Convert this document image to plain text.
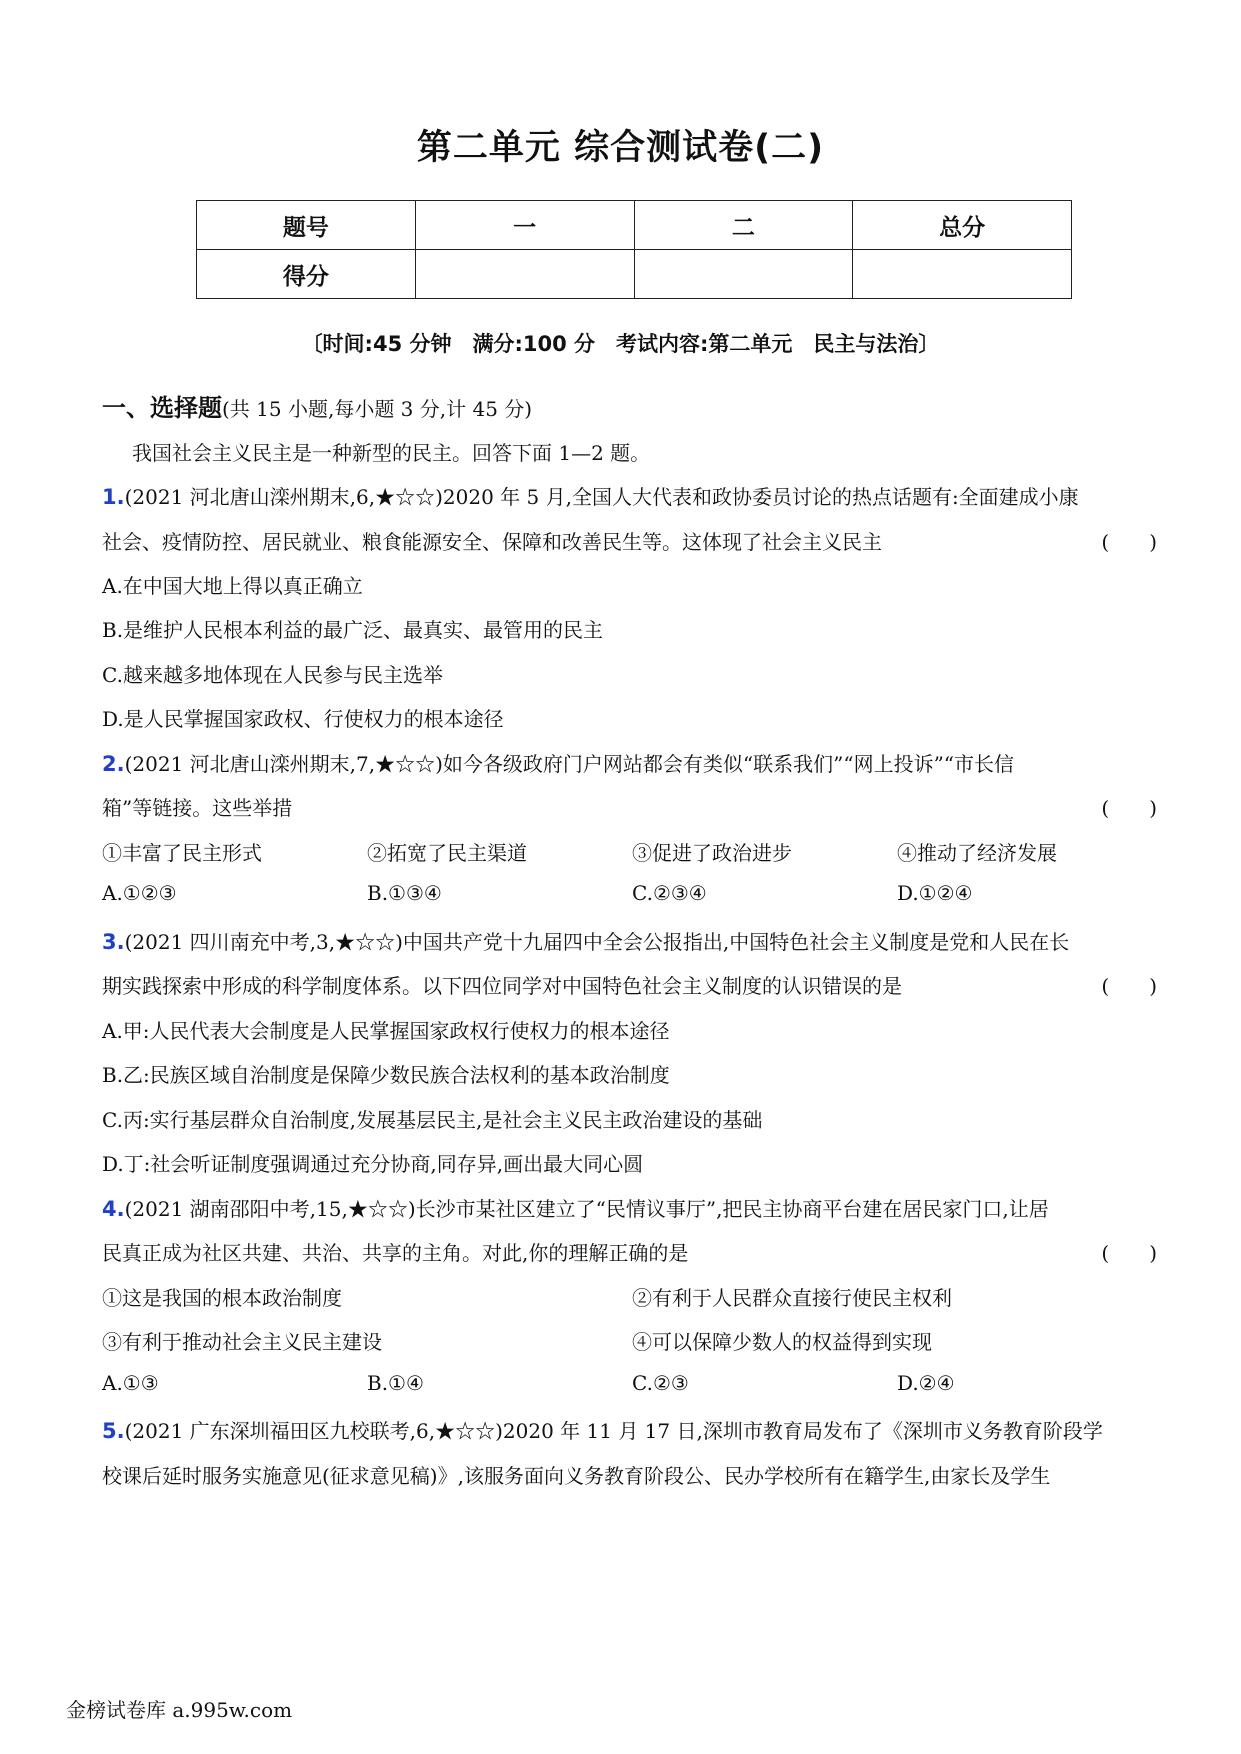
第二单元 综合测试卷(二)
题号	一	二	总分
得分			
〔时间:45 分钟　满分:100 分　考试内容:第二单元　民主与法治〕
一、选择题(共 15 小题,每小题 3 分,计 45 分)
我国社会主义民主是一种新型的民主。回答下面 1—2 题。
1.(2021 河北唐山滦州期末,6,★☆☆)2020 年 5 月,全国人大代表和政协委员讨论的热点话题有:全面建成小康
社会、疫情防控、居民就业、粮食能源安全、保障和改善民生等。这体现了社会主义民主	(　　)
A.在中国大地上得以真正确立
B.是维护人民根本利益的最广泛、最真实、最管用的民主
C.越来越多地体现在人民参与民主选举
D.是人民掌握国家政权、行使权力的根本途径
2.(2021 河北唐山滦州期末,7,★☆☆)如今各级政府门户网站都会有类似“联系我们”“网上投诉”“市长信
箱”等链接。这些举措	(　　)
①丰富了民主形式	②拓宽了民主渠道	③促进了政治进步	④推动了经济发展
A.①②③	B.①③④	C.②③④	D.①②④
3.(2021 四川南充中考,3,★☆☆)中国共产党十九届四中全会公报指出,中国特色社会主义制度是党和人民在长
期实践探索中形成的科学制度体系。以下四位同学对中国特色社会主义制度的认识错误的是	(　　)
A.甲:人民代表大会制度是人民掌握国家政权行使权力的根本途径
B.乙:民族区域自治制度是保障少数民族合法权利的基本政治制度
C.丙:实行基层群众自治制度,发展基层民主,是社会主义民主政治建设的基础
D.丁:社会听证制度强调通过充分协商,同存异,画出最大同心圆
4.(2021 湖南邵阳中考,15,★☆☆)长沙市某社区建立了“民情议事厅”,把民主协商平台建在居民家门口,让居
民真正成为社区共建、共治、共享的主角。对此,你的理解正确的是	(　　)
①这是我国的根本政治制度	②有利于人民群众直接行使民主权利
③有利于推动社会主义民主建设	④可以保障少数人的权益得到实现
A.①③	B.①④	C.②③	D.②④
5.(2021 广东深圳福田区九校联考,6,★☆☆)2020 年 11 月 17 日,深圳市教育局发布了《深圳市义务教育阶段学
校课后延时服务实施意见(征求意见稿)》,该服务面向义务教育阶段公、民办学校所有在籍学生,由家长及学生
金榜试卷库 a.995w.com
